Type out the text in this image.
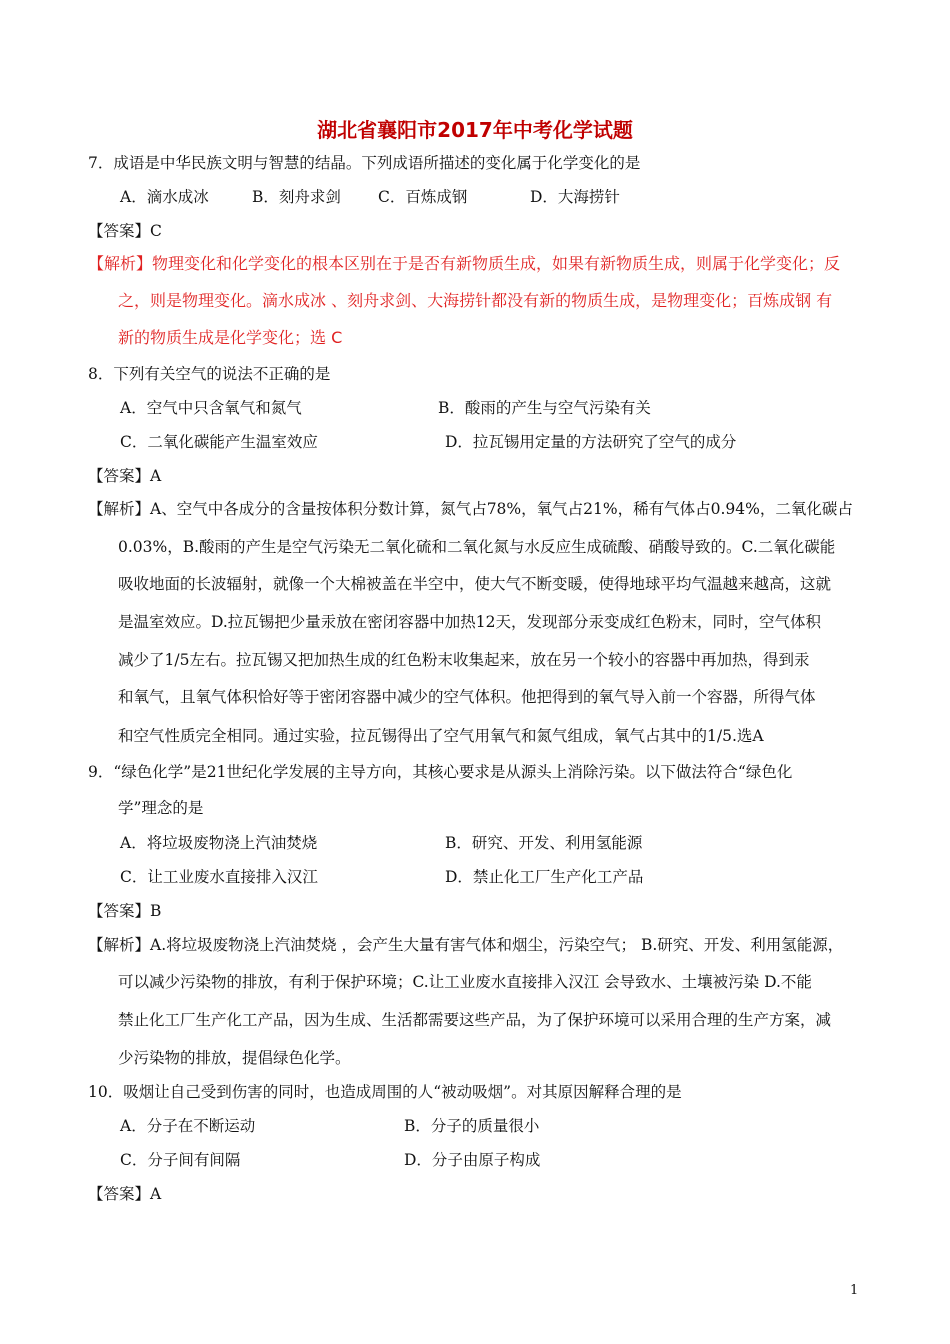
湖北省襄阳市2017年中考化学试题
7．成语是中华民族文明与智慧的结晶。下列成语所描述的变化属于化学变化的是
A．滴水成冰	B．刻舟求剑 C．百炼成钢	D．大海捞针
【答案】C
【解析】物理变化和化学变化的根本区别在于是否有新物质生成，如果有新物质生成，则属于化学变化；反
之，则是物理变化。滴水成冰 、刻舟求剑、大海捞针都没有新的物质生成，是物理变化；百炼成钢 有
新的物质生成是化学变化；选 C
8．下列有关空气的说法不正确的是
A．空气中只含氧气和氮气	B．酸雨的产生与空气污染有关
C．二氧化碳能产生温室效应	D．拉瓦锡用定量的方法研究了空气的成分
【答案】A
【解析】A、空气中各成分的含量按体积分数计算，氮气占78%，氧气占21%，稀有气体占0.94%，二氧化碳占
0.03%，B.酸雨的产生是空气污染无二氧化硫和二氧化氮与水反应生成硫酸、硝酸导致的。C.二氧化碳能
吸收地面的长波辐射，就像一个大棉被盖在半空中，使大气不断变暖，使得地球平均气温越来越高，这就
是温室效应。D.拉瓦锡把少量汞放在密闭容器中加热12天，发现部分汞变成红色粉末，同时，空气体积
减少了1/5左右。拉瓦锡又把加热生成的红色粉末收集起来，放在另一个较小的容器中再加热，得到汞
和氧气，且氧气体积恰好等于密闭容器中减少的空气体积。他把得到的氧气导入前一个容器，所得气体
和空气性质完全相同。通过实验，拉瓦锡得出了空气用氧气和氮气组成，氧气占其中的1/5.选A
9．“绿色化学”是21世纪化学发展的主导方向，其核心要求是从源头上消除污染。以下做法符合“绿色化
学”理念的是
A．将垃圾废物浇上汽油焚烧	B．研究、开发、利用氢能源
C．让工业废水直接排入汉江	D．禁止化工厂生产化工产品
【答案】B
【解析】A.将垃圾废物浇上汽油焚烧 ，会产生大量有害气体和烟尘，污染空气； B.研究、开发、利用氢能源，
可以减少污染物的排放，有利于保护环境；C.让工业废水直接排入汉江 会导致水、土壤被污染 D.不能
禁止化工厂生产化工产品，因为生成、生活都需要这些产品，为了保护环境可以采用合理的生产方案，减
少污染物的排放，提倡绿色化学。
10．吸烟让自己受到伤害的同时，也造成周围的人“被动吸烟”。对其原因解释合理的是
A．分子在不断运动	B．分子的质量很小
C．分子间有间隔	D．分子由原子构成
【答案】A
1
